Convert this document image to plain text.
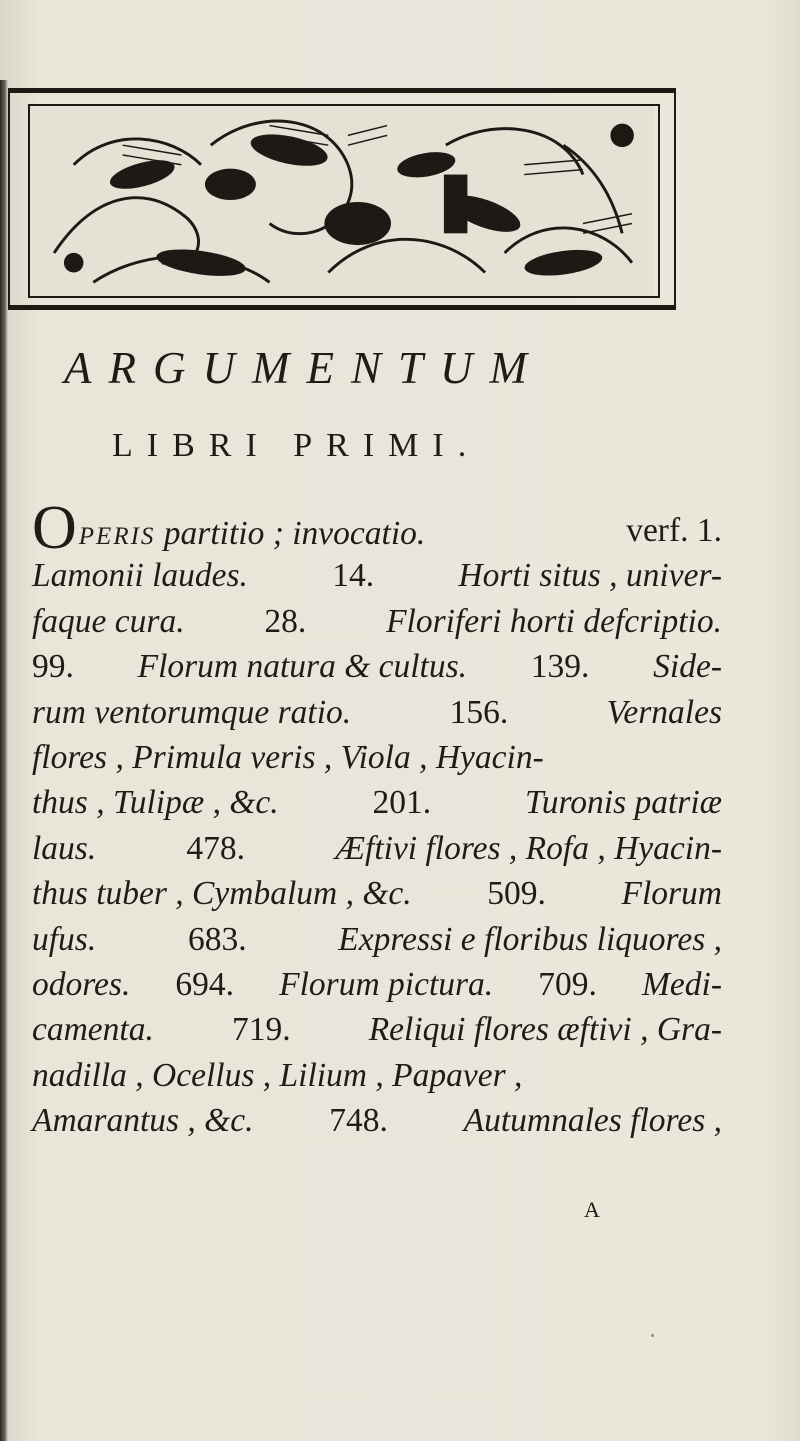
ARGUMENTUM
LIBRI PRIMI.
OPERIS partitio ; invocatio.	verf. 1.
Lamonii laudes.	14.	Horti situs , univer-
faque cura. 28. Floriferi horti defcriptio.
99. Florum natura & cultus. 139. Side-
rum ventorumque ratio.	156.	Vernales
flores , Primula veris , Viola , Hyacin-
thus , Tulipæ , &c.	201.	Turonis patriæ
laus.	478.	Æftivi flores , Rofa , Hyacin-
thus tuber , Cymbalum , &c. 509. Florum
ufus.	683.	Expressi e floribus liquores ,
odores. 694. Florum pictura. 709. Medi-
camenta. 719. Reliqui flores æftivi , Gra-
nadilla , Ocellus , Lilium , Papaver ,
Amarantus , &c. 748. Autumnales flores ,
A
